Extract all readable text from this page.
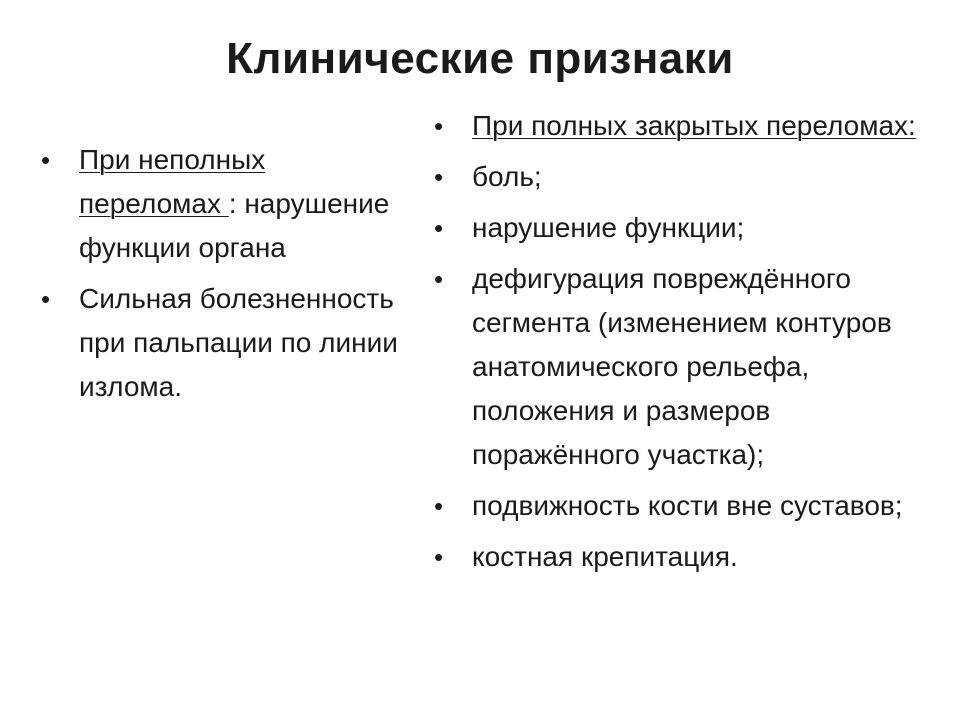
Клинические признаки
• При неполных переломах : нарушение функции органа
• Сильная болезненность при пальпации по линии излома.
• При полных закрытых переломах:
• боль;
• нарушение функции;
• дефигурация повреждённого сегмента (изменением контуров анатомического рельефа, положения и размеров поражённого участка);
• подвижность кости вне суставов;
• костная крепитация.
